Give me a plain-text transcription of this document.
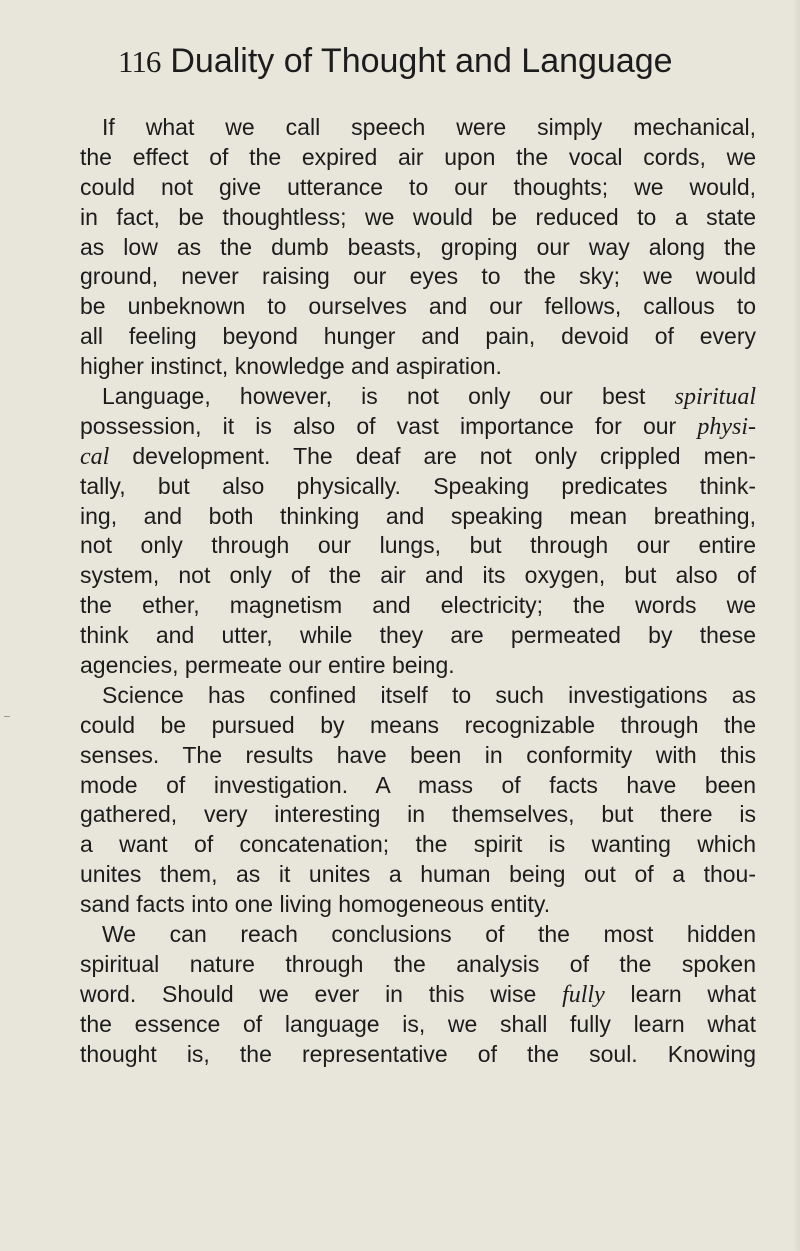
116 Duality of Thought and Language
If what we call speech were simply mechanical,
the effect of the expired air upon the vocal cords, we
could not give utterance to our thoughts; we would,
in fact, be thoughtless; we would be reduced to a state
as low as the dumb beasts, groping our way along the
ground, never raising our eyes to the sky; we would
be unbeknown to ourselves and our fellows, callous to
all feeling beyond hunger and pain, devoid of every
higher instinct, knowledge and aspiration.
Language, however, is not only our best spiritual
possession, it is also of vast importance for our physi-
cal development. The deaf are not only crippled men-
tally, but also physically. Speaking predicates think-
ing, and both thinking and speaking mean breathing,
not only through our lungs, but through our entire
system, not only of the air and its oxygen, but also of
the ether, magnetism and electricity; the words we
think and utter, while they are permeated by these
agencies, permeate our entire being.
Science has confined itself to such investigations as
could be pursued by means recognizable through the
senses. The results have been in conformity with this
mode of investigation. A mass of facts have been
gathered, very interesting in themselves, but there is
a want of concatenation; the spirit is wanting which
unites them, as it unites a human being out of a thou-
sand facts into one living homogeneous entity.
We can reach conclusions of the most hidden
spiritual nature through the analysis of the spoken
word. Should we ever in this wise fully learn what
the essence of language is, we shall fully learn what
thought is, the representative of the soul. Knowing
